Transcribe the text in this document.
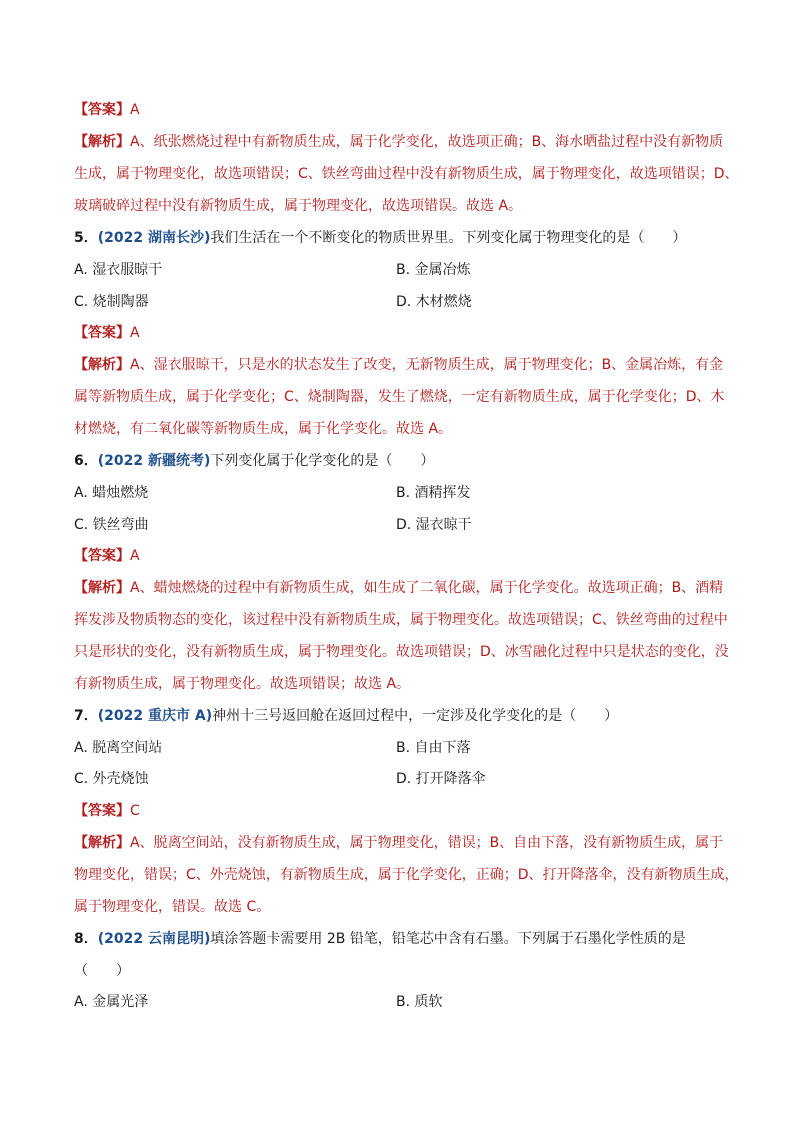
【答案】A
【解析】A、纸张燃烧过程中有新物质生成，属于化学变化，故选项正确；B、海水晒盐过程中没有新物质
生成，属于物理变化，故选项错误；C、铁丝弯曲过程中没有新物质生成，属于物理变化，故选项错误；D、
玻璃破碎过程中没有新物质生成，属于物理变化，故选项错误。故选 A。
5．(2022 湖南长沙)我们生活在一个不断变化的物质世界里。下列变化属于物理变化的是（　　）
A. 湿衣服晾干	B. 金属冶炼
C. 烧制陶器	D. 木材燃烧
【答案】A
【解析】A、湿衣服晾干，只是水的状态发生了改变，无新物质生成，属于物理变化；B、金属冶炼，有金
属等新物质生成，属于化学变化；C、烧制陶器，发生了燃烧，一定有新物质生成，属于化学变化；D、木
材燃烧，有二氧化碳等新物质生成，属于化学变化。故选 A。
6．(2022 新疆统考)下列变化属于化学变化的是（　　）
A. 蜡烛燃烧	B. 酒精挥发
C. 铁丝弯曲	D. 湿衣晾干
【答案】A
【解析】A、蜡烛燃烧的过程中有新物质生成，如生成了二氧化碳，属于化学变化。故选项正确；B、酒精
挥发涉及物质物态的变化，该过程中没有新物质生成，属于物理变化。故选项错误；C、铁丝弯曲的过程中
只是形状的变化，没有新物质生成，属于物理变化。故选项错误；D、冰雪融化过程中只是状态的变化，没
有新物质生成，属于物理变化。故选项错误；故选 A。
7．(2022 重庆市 A)神州十三号返回舱在返回过程中，一定涉及化学变化的是（　　）
A. 脱离空间站	B. 自由下落
C. 外壳烧蚀	D. 打开降落伞
【答案】C
【解析】A、脱离空间站，没有新物质生成，属于物理变化，错误；B、自由下落，没有新物质生成，属于
物理变化，错误；C、外壳烧蚀，有新物质生成，属于化学变化，正确；D、打开降落伞，没有新物质生成，
属于物理变化，错误。故选 C。
8．(2022 云南昆明)填涂答题卡需要用 2B 铅笔，铅笔芯中含有石墨。下列属于石墨化学性质的是
（　　）
A. 金属光泽	B. 质软
